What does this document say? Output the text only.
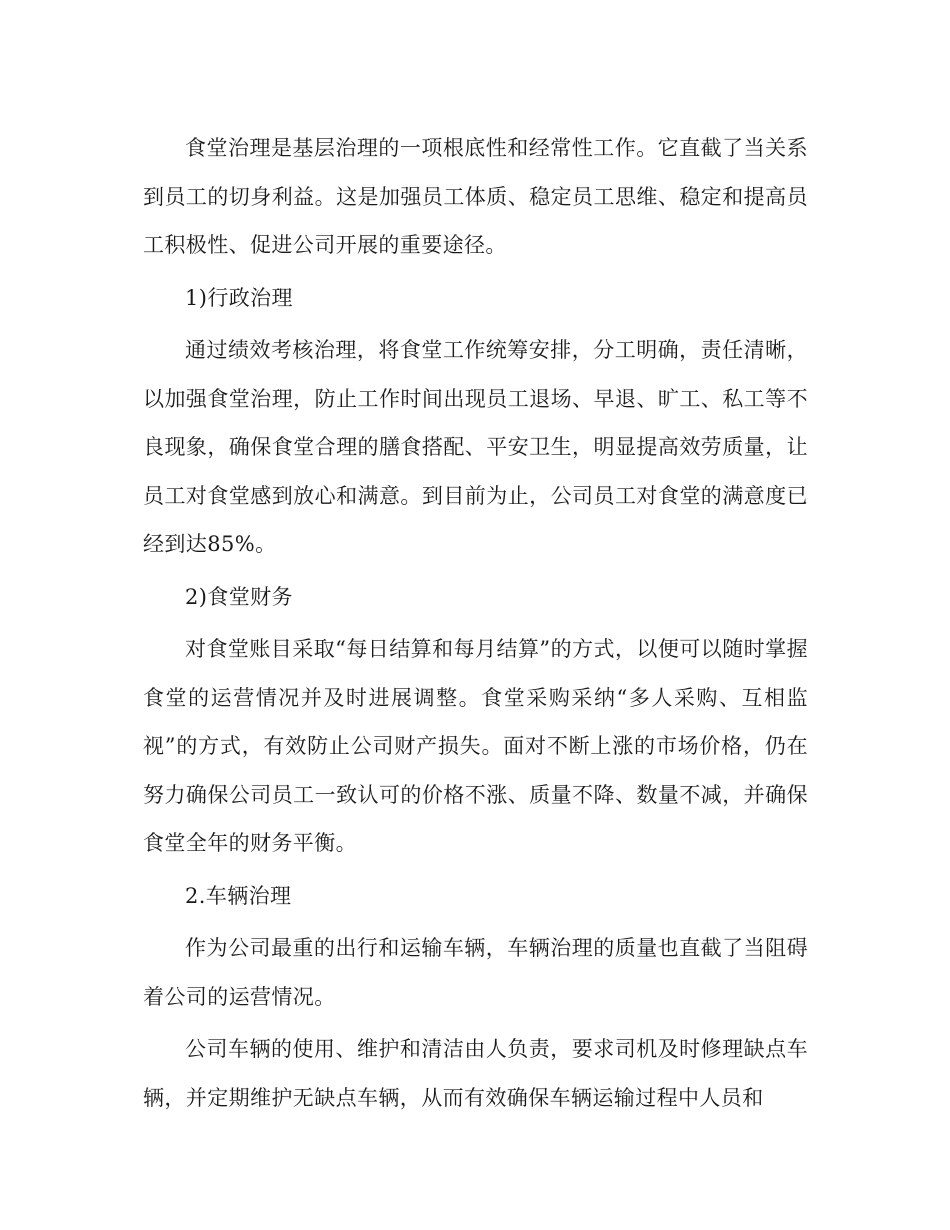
食堂治理是基层治理的一项根底性和经常性工作。它直截了当关系到员工的切身利益。这是加强员工体质、稳定员工思维、稳定和提高员工积极性、促进公司开展的重要途径。

1)行政治理

通过绩效考核治理，将食堂工作统筹安排，分工明确，责任清晰，以加强食堂治理，防止工作时间出现员工退场、早退、旷工、私工等不良现象，确保食堂合理的膳食搭配、平安卫生，明显提高效劳质量，让员工对食堂感到放心和满意。到目前为止，公司员工对食堂的满意度已经到达85%。

2)食堂财务

对食堂账目采取“每日结算和每月结算”的方式，以便可以随时掌握食堂的运营情况并及时进展调整。食堂采购采纳“多人采购、互相监视”的方式，有效防止公司财产损失。面对不断上涨的市场价格，仍在努力确保公司员工一致认可的价格不涨、质量不降、数量不减，并确保食堂全年的财务平衡。

2.车辆治理

作为公司最重的出行和运输车辆，车辆治理的质量也直截了当阻碍着公司的运营情况。

公司车辆的使用、维护和清洁由人负责，要求司机及时修理缺点车辆，并定期维护无缺点车辆，从而有效确保车辆运输过程中人员和
